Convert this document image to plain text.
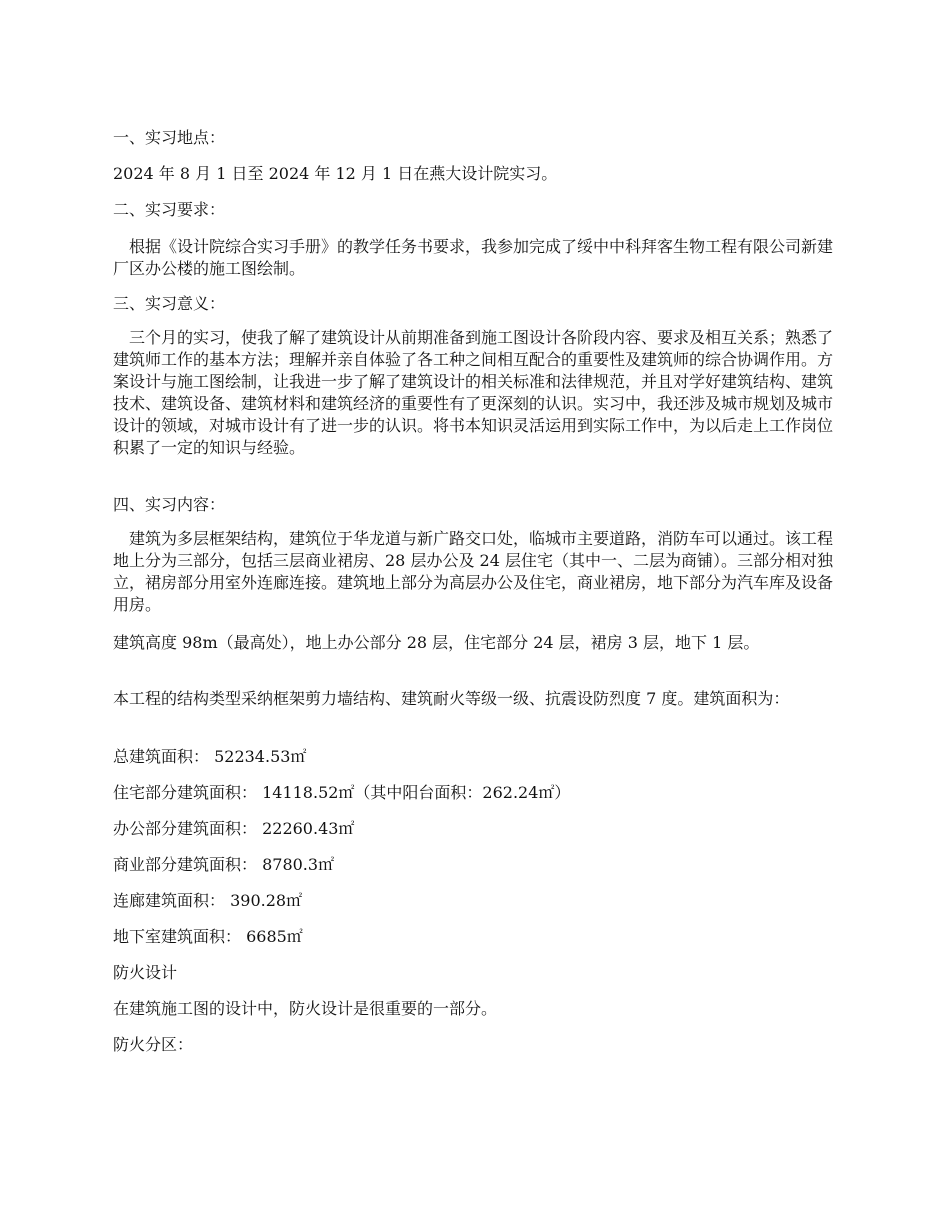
一、实习地点：

2024 年 8 月 1 日至 2024 年 12 月 1 日在燕大设计院实习。

二、实习要求：

根据《设计院综合实习手册》的教学任务书要求，我参加完成了绥中中科拜客生物工程有限公司新建厂区办公楼的施工图绘制。

三、实习意义：

三个月的实习，使我了解了建筑设计从前期准备到施工图设计各阶段内容、要求及相互关系；熟悉了建筑师工作的基本方法；理解并亲自体验了各工种之间相互配合的重要性及建筑师的综合协调作用。方案设计与施工图绘制，让我进一步了解了建筑设计的相关标准和法律规范，并且对学好建筑结构、建筑技术、建筑设备、建筑材料和建筑经济的重要性有了更深刻的认识。实习中，我还涉及城市规划及城市设计的领域，对城市设计有了进一步的认识。将书本知识灵活运用到实际工作中，为以后走上工作岗位积累了一定的知识与经验。

四、实习内容：

建筑为多层框架结构，建筑位于华龙道与新广路交口处，临城市主要道路，消防车可以通过。该工程地上分为三部分，包括三层商业裙房、28 层办公及 24 层住宅（其中一、二层为商铺）。三部分相对独立，裙房部分用室外连廊连接。建筑地上部分为高层办公及住宅，商业裙房，地下部分为汽车库及设备用房。

建筑高度 98m（最高处），地上办公部分 28 层，住宅部分 24 层，裙房 3 层，地下 1 层。

本工程的结构类型采纳框架剪力墙结构、建筑耐火等级一级、抗震设防烈度 7 度。建筑面积为：

总建筑面积： 52234.53㎡

住宅部分建筑面积： 14118.52㎡（其中阳台面积：262.24㎡）

办公部分建筑面积： 22260.43㎡

商业部分建筑面积： 8780.3㎡

连廊建筑面积： 390.28㎡

地下室建筑面积： 6685㎡

防火设计

在建筑施工图的设计中，防火设计是很重要的一部分。

防火分区：
